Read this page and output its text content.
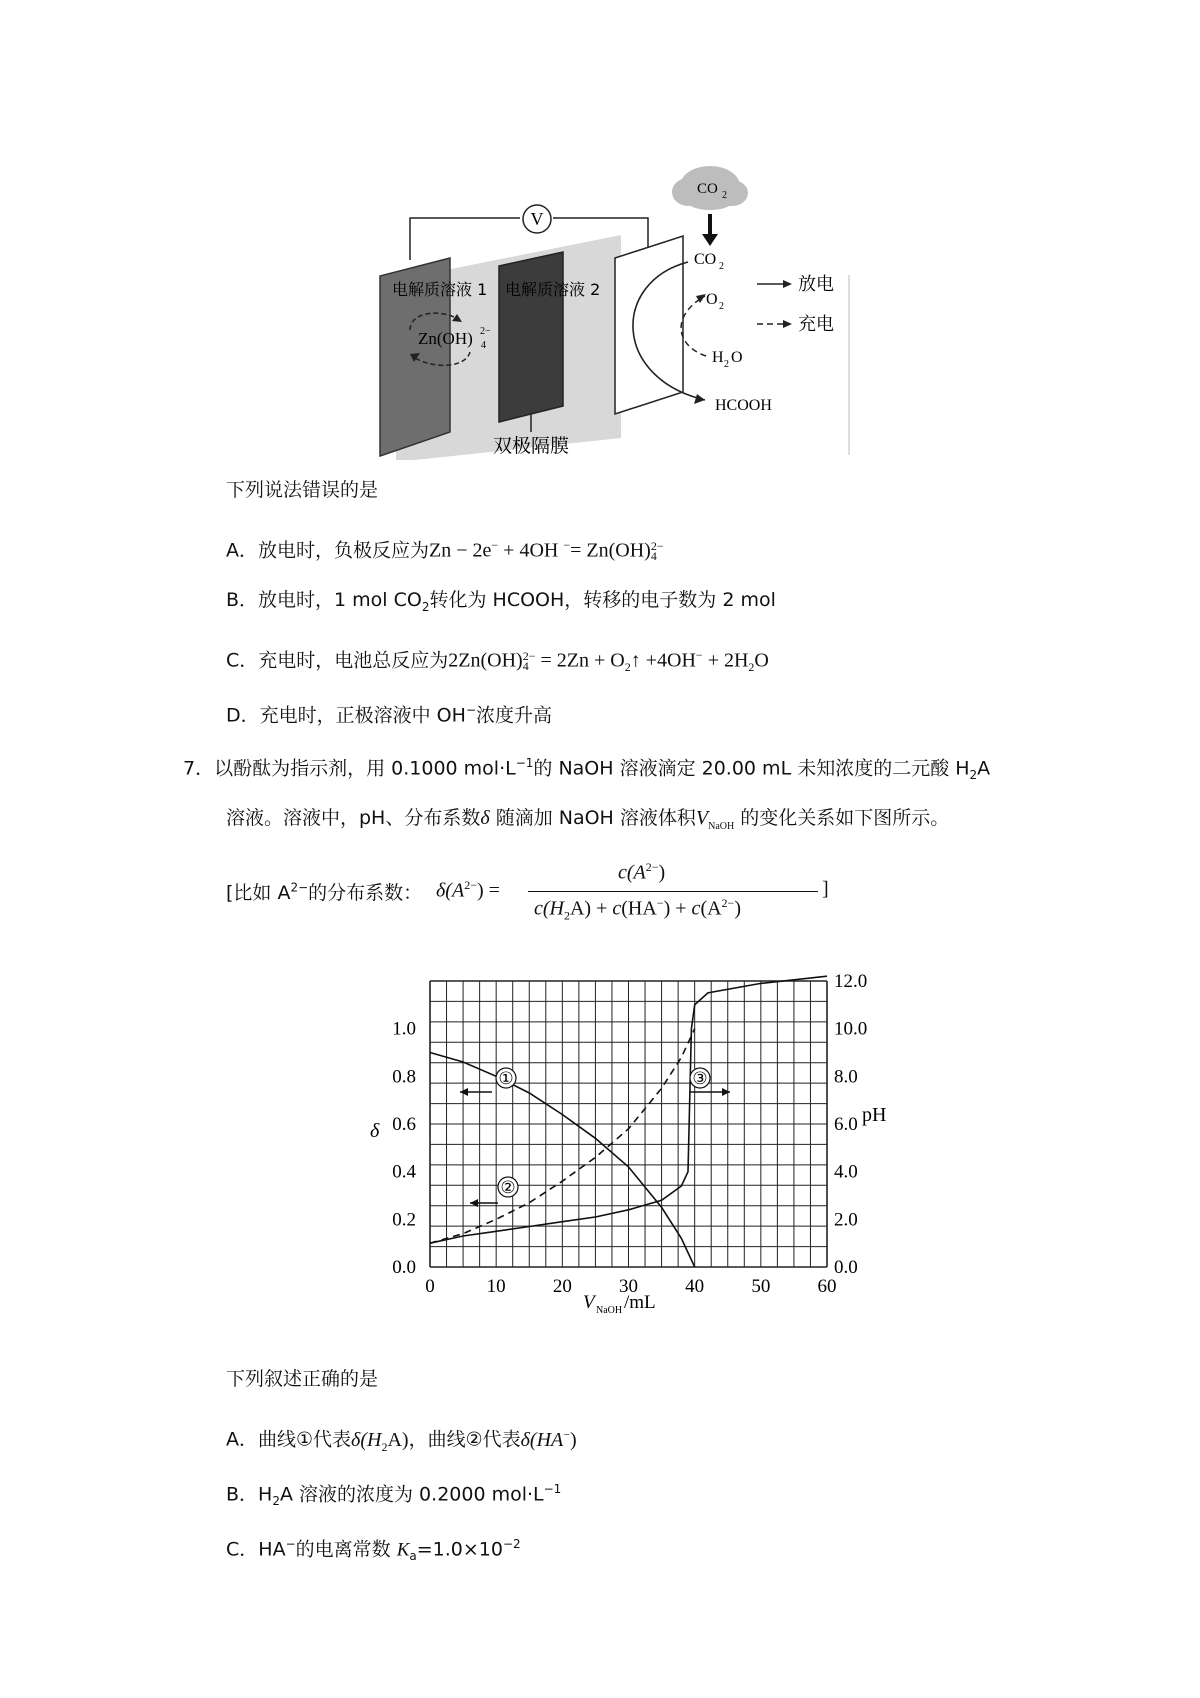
V
电解质溶液 1 电解质溶液 2
Zn(OH) 2−
4
双极隔膜
CO 2
CO 2
O 2
H 2 O
HCOOH
放电
充电
下列说法错误的是
A．放电时，负极反应为Zn − 2e− + 4OH −= Zn(OH) 2−
4
B．放电时，1 mol $CO_2$转化为 HCOOH，转移的电子数为 2 mol
C．充电时，电池总反应为2Zn(OH) 2−
$4 = 2Zn + O_2↑ +4OH^- + 2H_2O$
D．充电时，正极溶液中 OH−浓度升高
7．以酚酞为指示剂，用 0.1000 $mol\cdot L^{-1}$的 NaOH 溶液滴定 20.00 mL 未知浓度的二元酸 $H_2A$
溶液。溶液中，pH、分布系数δ 随滴加 NaOH 溶液体积$V_{NaOH}$ 的变化关系如下图所示。
[比如 $A^{2-}$的分布系数： $\delta(A^{2-})$ =
$c(A^{2-})$
$c(H_2A) + c(HA^-) + c(A^{2-})$
]
0	10 20 30 40 50 60
0.0
0.2
0.4
0.6
0.8
1.0
0.0
2.0
4.0
6.0
8.0
10.0
12.0
δ
pH
V NaOH /mL
①
②
③
下列叙述正确的是
A．曲线①代表$\delta(H_2A)$，曲线②代表δ(HA−)
B．$H_2A$ 溶液的浓度为 0.2000 $mol\cdot L^{-1}$
C．HA−的电离常数 $K_a=1.0\times 10^{-2}$
